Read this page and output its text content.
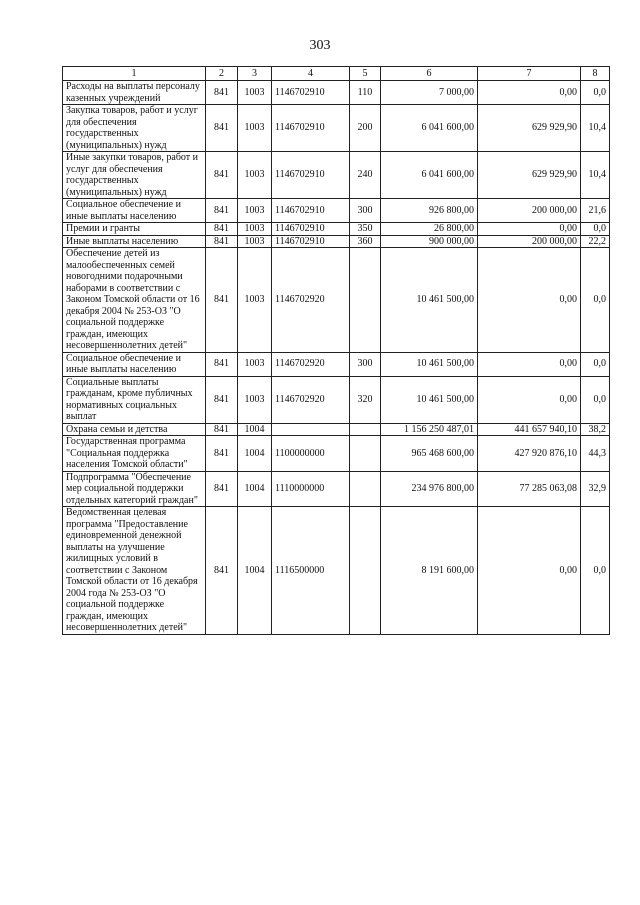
303
1	2	3	4	5	6	7	8
Расходы на выплаты персоналу казенных учреждений	841	1003	1146702910	110	7 000,00	0,00	0,0
Закупка товаров, работ и услуг для обеспечения государственных (муниципальных) нужд	841	1003	1146702910	200	6 041 600,00	629 929,90	10,4
Иные закупки товаров, работ и услуг для обеспечения государственных (муниципальных) нужд	841	1003	1146702910	240	6 041 600,00	629 929,90	10,4
Социальное обеспечение и иные выплаты населению	841	1003	1146702910	300	926 800,00	200 000,00	21,6
Премии и гранты	841	1003	1146702910	350	26 800,00	0,00	0,0
Иные выплаты населению	841	1003	1146702910	360	900 000,00	200 000,00	22,2
Обеспечение детей из малообеспеченных семей новогодними подарочными наборами в соответствии с Законом Томской области от 16 декабря 2004 № 253-ОЗ "О социальной поддержке граждан, имеющих несовершеннолетних детей"	841	1003	1146702920		10 461 500,00	0,00	0,0
Социальное обеспечение и иные выплаты населению	841	1003	1146702920	300	10 461 500,00	0,00	0,0
Социальные выплаты гражданам, кроме публичных нормативных социальных выплат	841	1003	1146702920	320	10 461 500,00	0,00	0,0
Охрана семьи и детства	841	1004			1 156 250 487,01	441 657 940,10	38,2
Государственная программа "Социальная поддержка населения Томской области"	841	1004	1100000000		965 468 600,00	427 920 876,10	44,3
Подпрограмма "Обеспечение мер социальной поддержки отдельных категорий граждан"	841	1004	1110000000		234 976 800,00	77 285 063,08	32,9
Ведомственная целевая программа "Предоставление единовременной денежной выплаты на улучшение жилищных условий в соответствии с Законом Томской области от 16 декабря 2004 года № 253-ОЗ "О социальной поддержке граждан, имеющих несовершеннолетних детей"	841	1004	1116500000		8 191 600,00	0,00	0,0
